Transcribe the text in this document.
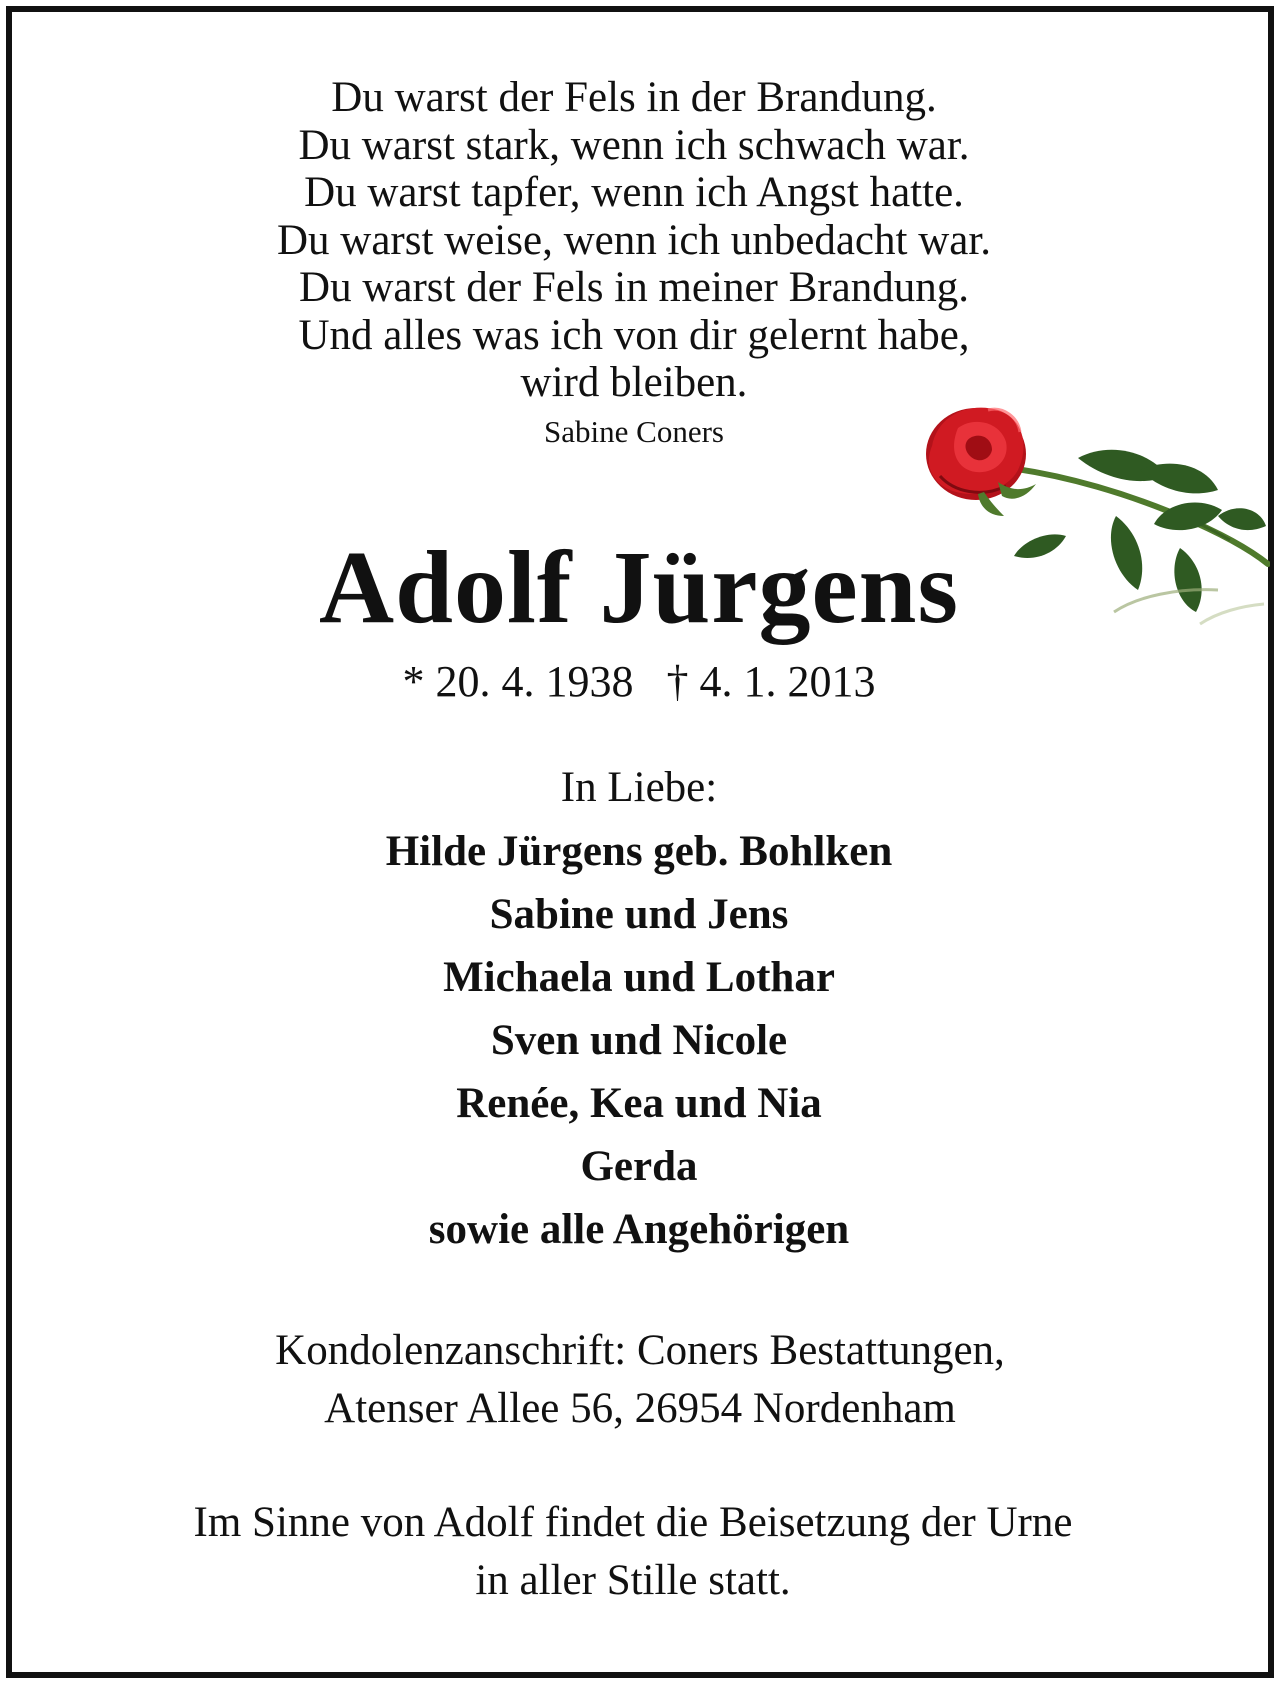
Du warst der Fels in der Brandung.
Du warst stark, wenn ich schwach war.
Du warst tapfer, wenn ich Angst hatte.
Du warst weise, wenn ich unbedacht war.
Du warst der Fels in meiner Brandung.
Und alles was ich von dir gelernt habe,
wird bleiben.
Sabine Coners
Adolf Jürgens
* 20. 4. 1938   † 4. 1. 2013
In Liebe:
Hilde Jürgens geb. Bohlken
Sabine und Jens
Michaela und Lothar
Sven und Nicole
Renée, Kea und Nia
Gerda
sowie alle Angehörigen
Kondolenzanschrift: Coners Bestattungen,
Atenser Allee 56, 26954 Nordenham
Im Sinne von Adolf findet die Beisetzung der Urne
in aller Stille statt.
